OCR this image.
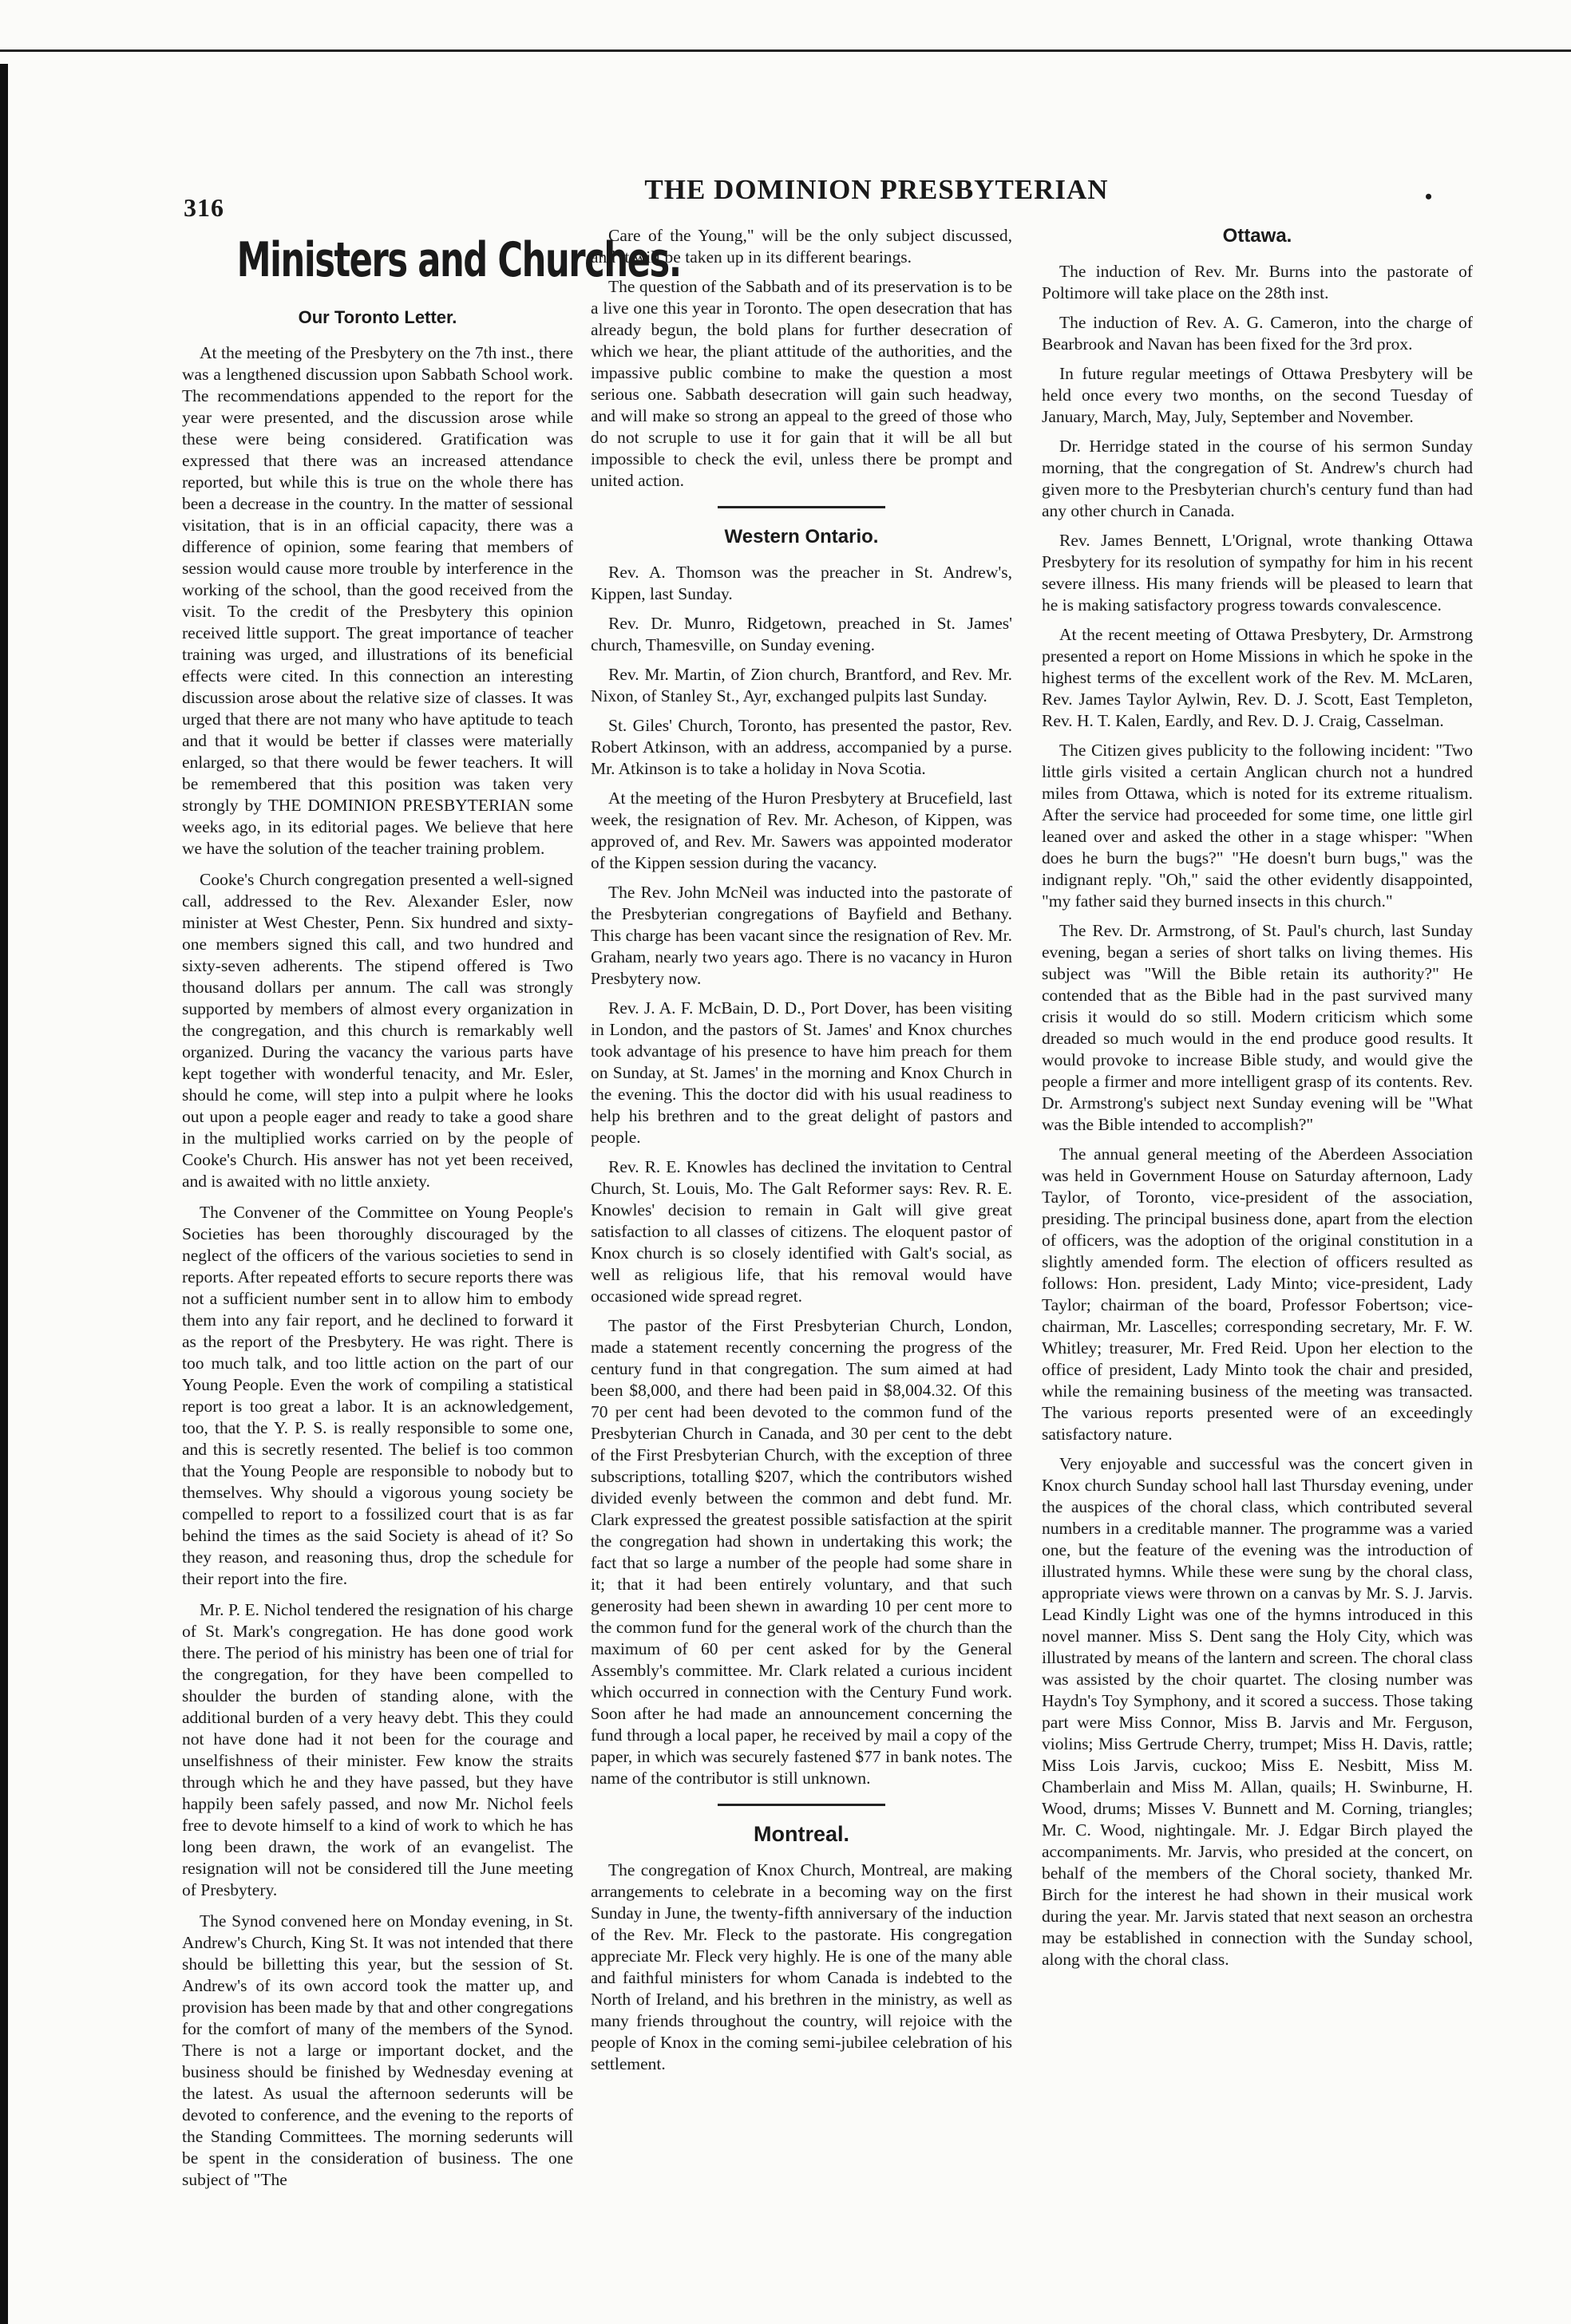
316
THE DOMINION PRESBYTERIAN	•
Ministers and Churches.
Our Toronto Letter.

At the meeting of the Presbytery on the 7th inst., there was a lengthened discussion upon Sabbath School work. The recommendations appended to the report for the year were presented, and the discussion arose while these were being considered. Gratification was expressed that there was an increased attendance reported, but while this is true on the whole there has been a decrease in the country. In the matter of sessional visitation, that is in an official capacity, there was a difference of opinion, some fearing that members of session would cause more trouble by interference in the working of the school, than the good received from the visit. To the credit of the Presbytery this opinion received little support. The great importance of teacher training was urged, and illustrations of its beneficial effects were cited. In this connection an interesting discussion arose about the relative size of classes. It was urged that there are not many who have aptitude to teach and that it would be better if classes were materially enlarged, so that there would be fewer teachers. It will be remembered that this position was taken very strongly by THE DOMINION PRESBYTERIAN some weeks ago, in its editorial pages. We believe that here we have the solution of the teacher training problem.

Cooke's Church congregation presented a well-signed call, addressed to the Rev. Alexander Esler, now minister at West Chester, Penn. Six hundred and sixty-one members signed this call, and two hundred and sixty-seven adherents. The stipend offered is Two thousand dollars per annum. The call was strongly supported by members of almost every organization in the congregation, and this church is remarkably well organized. During the vacancy the various parts have kept together with wonderful tenacity, and Mr. Esler, should he come, will step into a pulpit where he looks out upon a people eager and ready to take a good share in the multiplied works carried on by the people of Cooke's Church. His answer has not yet been received, and is awaited with no little anxiety.

The Convener of the Committee on Young People's Societies has been thoroughly discouraged by the neglect of the officers of the various societies to send in reports. After repeated efforts to secure reports there was not a sufficient number sent in to allow him to embody them into any fair report, and he declined to forward it as the report of the Presbytery. He was right. There is too much talk, and too little action on the part of our Young People. Even the work of compiling a statistical report is too great a labor. It is an acknowledgement, too, that the Y. P. S. is really responsible to some one, and this is secretly resented. The belief is too common that the Young People are responsible to nobody but to themselves. Why should a vigorous young society be compelled to report to a fossilized court that is as far behind the times as the said Society is ahead of it? So they reason, and reasoning thus, drop the schedule for their report into the fire.

Mr. P. E. Nichol tendered the resignation of his charge of St. Mark's congregation. He has done good work there. The period of his ministry has been one of trial for the congregation, for they have been compelled to shoulder the burden of standing alone, with the additional burden of a very heavy debt. This they could not have done had it not been for the courage and unselfishness of their minister. Few know the straits through which he and they have passed, but they have happily been safely passed, and now Mr. Nichol feels free to devote himself to a kind of work to which he has long been drawn, the work of an evangelist. The resignation will not be considered till the June meeting of Presbytery.

The Synod convened here on Monday evening, in St. Andrew's Church, King St. It was not intended that there should be billetting this year, but the session of St. Andrew's of its own accord took the matter up, and provision has been made by that and other congregations for the comfort of many of the members of the Synod. There is not a large or important docket, and the business should be finished by Wednesday evening at the latest. As usual the afternoon sederunts will be devoted to conference, and the evening to the reports of the Standing Committees. The morning sederunts will be spent in the consideration of business. The one subject of "The

Care of the Young," will be the only subject discussed, and it will be taken up in its different bearings.

The question of the Sabbath and of its preservation is to be a live one this year in Toronto. The open desecration that has already begun, the bold plans for further desecration of which we hear, the pliant attitude of the authorities, and the impassive public combine to make the question a most serious one. Sabbath desecration will gain such headway, and will make so strong an appeal to the greed of those who do not scruple to use it for gain that it will be all but impossible to check the evil, unless there be prompt and united action.

Western Ontario.

Rev. A. Thomson was the preacher in St. Andrew's, Kippen, last Sunday.

Rev. Dr. Munro, Ridgetown, preached in St. James' church, Thamesville, on Sunday evening.

Rev. Mr. Martin, of Zion church, Brantford, and Rev. Mr. Nixon, of Stanley St., Ayr, exchanged pulpits last Sunday.

St. Giles' Church, Toronto, has presented the pastor, Rev. Robert Atkinson, with an address, accompanied by a purse. Mr. Atkinson is to take a holiday in Nova Scotia.

At the meeting of the Huron Presbytery at Brucefield, last week, the resignation of Rev. Mr. Acheson, of Kippen, was approved of, and Rev. Mr. Sawers was appointed moderator of the Kippen session during the vacancy.

The Rev. John McNeil was inducted into the pastorate of the Presbyterian congregations of Bayfield and Bethany. This charge has been vacant since the resignation of Rev. Mr. Graham, nearly two years ago. There is no vacancy in Huron Presbytery now.

Rev. J. A. F. McBain, D. D., Port Dover, has been visiting in London, and the pastors of St. James' and Knox churches took advantage of his presence to have him preach for them on Sunday, at St. James' in the morning and Knox Church in the evening. This the doctor did with his usual readiness to help his brethren and to the great delight of pastors and people.

Rev. R. E. Knowles has declined the invitation to Central Church, St. Louis, Mo. The Galt Reformer says: Rev. R. E. Knowles' decision to remain in Galt will give great satisfaction to all classes of citizens. The eloquent pastor of Knox church is so closely identified with Galt's social, as well as religious life, that his removal would have occasioned wide spread regret.

The pastor of the First Presbyterian Church, London, made a statement recently concerning the progress of the century fund in that congregation. The sum aimed at had been $8,000, and there had been paid in $8,004.32. Of this 70 per cent had been devoted to the common fund of the Presbyterian Church in Canada, and 30 per cent to the debt of the First Presbyterian Church, with the exception of three subscriptions, totalling $207, which the contributors wished divided evenly between the common and debt fund. Mr. Clark expressed the greatest possible satisfaction at the spirit the congregation had shown in undertaking this work; the fact that so large a number of the people had some share in it; that it had been entirely voluntary, and that such generosity had been shewn in awarding 10 per cent more to the common fund for the general work of the church than the maximum of 60 per cent asked for by the General Assembly's committee. Mr. Clark related a curious incident which occurred in connection with the Century Fund work. Soon after he had made an announcement concerning the fund through a local paper, he received by mail a copy of the paper, in which was securely fastened $77 in bank notes. The name of the contributor is still unknown.

Montreal.

The congregation of Knox Church, Montreal, are making arrangements to celebrate in a becoming way on the first Sunday in June, the twenty-fifth anniversary of the induction of the Rev. Mr. Fleck to the pastorate. His congregation appreciate Mr. Fleck very highly. He is one of the many able and faithful ministers for whom Canada is indebted to the North of Ireland, and his brethren in the ministry, as well as many friends throughout the country, will rejoice with the people of Knox in the coming semi-jubilee celebration of his settlement.

Ottawa.

The induction of Rev. Mr. Burns into the pastorate of Poltimore will take place on the 28th inst.

The induction of Rev. A. G. Cameron, into the charge of Bearbrook and Navan has been fixed for the 3rd prox.

In future regular meetings of Ottawa Presbytery will be held once every two months, on the second Tuesday of January, March, May, July, September and November.

Dr. Herridge stated in the course of his sermon Sunday morning, that the congregation of St. Andrew's church had given more to the Presbyterian church's century fund than had any other church in Canada.

Rev. James Bennett, L'Orignal, wrote thanking Ottawa Presbytery for its resolution of sympathy for him in his recent severe illness. His many friends will be pleased to learn that he is making satisfactory progress towards convalescence.

At the recent meeting of Ottawa Presbytery, Dr. Armstrong presented a report on Home Missions in which he spoke in the highest terms of the excellent work of the Rev. M. McLaren, Rev. James Taylor Aylwin, Rev. D. J. Scott, East Templeton, Rev. H. T. Kalen, Eardly, and Rev. D. J. Craig, Casselman.

The Citizen gives publicity to the following incident: "Two little girls visited a certain Anglican church not a hundred miles from Ottawa, which is noted for its extreme ritualism. After the service had proceeded for some time, one little girl leaned over and asked the other in a stage whisper: "When does he burn the bugs?" "He doesn't burn bugs," was the indignant reply. "Oh," said the other evidently disappointed, "my father said they burned insects in this church."

The Rev. Dr. Armstrong, of St. Paul's church, last Sunday evening, began a series of short talks on living themes. His subject was "Will the Bible retain its authority?" He contended that as the Bible had in the past survived many crisis it would do so still. Modern criticism which some dreaded so much would in the end produce good results. It would provoke to increase Bible study, and would give the people a firmer and more intelligent grasp of its contents. Rev. Dr. Armstrong's subject next Sunday evening will be "What was the Bible intended to accomplish?"

The annual general meeting of the Aberdeen Association was held in Government House on Saturday afternoon, Lady Taylor, of Toronto, vice-president of the association, presiding. The principal business done, apart from the election of officers, was the adoption of the original constitution in a slightly amended form. The election of officers resulted as follows: Hon. president, Lady Minto; vice-president, Lady Taylor; chairman of the board, Professor Fobertson; vice-chairman, Mr. Lascelles; corresponding secretary, Mr. F. W. Whitley; treasurer, Mr. Fred Reid. Upon her election to the office of president, Lady Minto took the chair and presided, while the remaining business of the meeting was transacted. The various reports presented were of an exceedingly satisfactory nature.

Very enjoyable and successful was the concert given in Knox church Sunday school hall last Thursday evening, under the auspices of the choral class, which contributed several numbers in a creditable manner. The programme was a varied one, but the feature of the evening was the introduction of illustrated hymns. While these were sung by the choral class, appropriate views were thrown on a canvas by Mr. S. J. Jarvis. Lead Kindly Light was one of the hymns introduced in this novel manner. Miss S. Dent sang the Holy City, which was illustrated by means of the lantern and screen. The choral class was assisted by the choir quartet. The closing number was Haydn's Toy Symphony, and it scored a success. Those taking part were Miss Connor, Miss B. Jarvis and Mr. Ferguson, violins; Miss Gertrude Cherry, trumpet; Miss H. Davis, rattle; Miss Lois Jarvis, cuckoo; Miss E. Nesbitt, Miss M. Chamberlain and Miss M. Allan, quails; H. Swinburne, H. Wood, drums; Misses V. Bunnett and M. Corning, triangles; Mr. C. Wood, nightingale. Mr. J. Edgar Birch played the accompaniments. Mr. Jarvis, who presided at the concert, on behalf of the members of the Choral society, thanked Mr. Birch for the interest he had shown in their musical work during the year. Mr. Jarvis stated that next season an orchestra may be established in connection with the Sunday school, along with the choral class.
